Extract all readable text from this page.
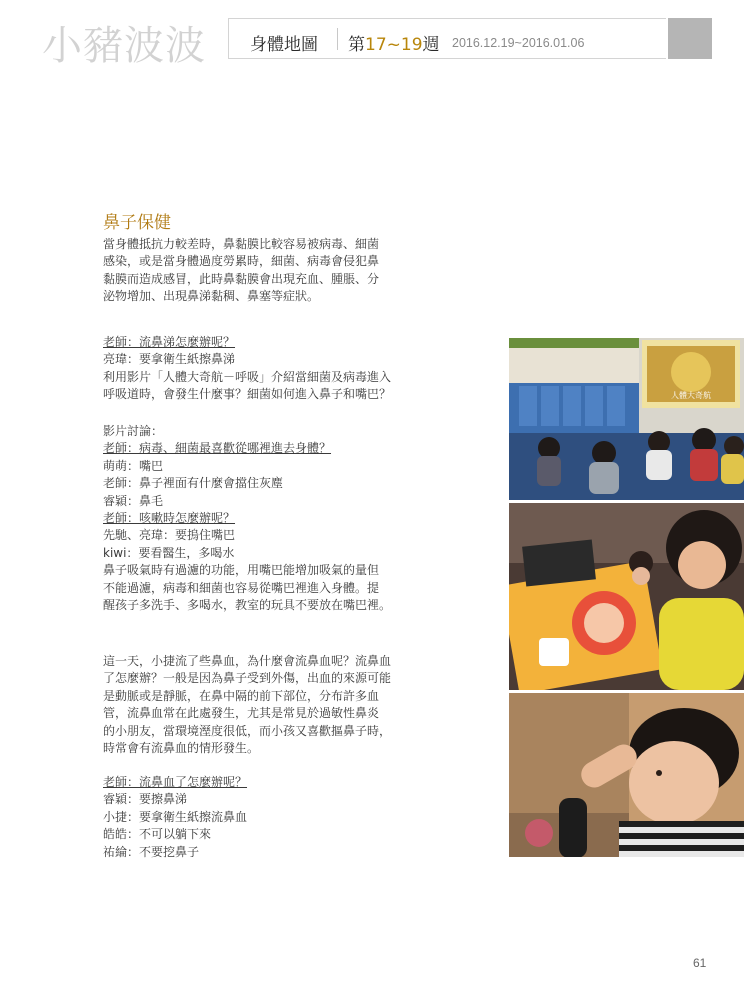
小豬波波	身體地圖 第17~19週 2016.12.19~2016.01.06
鼻子保健
當身體抵抗力較差時，鼻黏膜比較容易被病毒、細菌
感染，或是當身體過度勞累時，細菌、病毒會侵犯鼻
黏膜而造成感冒，此時鼻黏膜會出現充血、腫脹、分
泌物增加、出現鼻涕黏稠、鼻塞等症狀。
老師：流鼻涕怎麼辦呢？
亮瑋：要拿衛生紙擦鼻涕
利用影片「人體大奇航－呼吸」介紹當細菌及病毒進入
呼吸道時，會發生什麼事？細菌如何進入鼻子和嘴巴？
影片討論：
老師：病毒、細菌最喜歡從哪裡進去身體？
萌萌：嘴巴
老師：鼻子裡面有什麼會擋住灰塵
睿穎：鼻毛
老師：咳嗽時怎麼辦呢？
先馳、亮瑋：要摀住嘴巴
kiwi：要看醫生，多喝水
鼻子吸氣時有過濾的功能，用嘴巴能增加吸氣的量但
不能過濾，病毒和細菌也容易從嘴巴裡進入身體。提
醒孩子多洗手、多喝水，教室的玩具不要放在嘴巴裡。
這一天，小捷流了些鼻血，為什麼會流鼻血呢？流鼻血
了怎麼辦？一般是因為鼻子受到外傷，出血的來源可能
是動脈或是靜脈，在鼻中隔的前下部位，分布許多血
管，流鼻血常在此處發生，尤其是常見於過敏性鼻炎
的小朋友，當環境溼度很低，而小孩又喜歡摳鼻子時，
時常會有流鼻血的情形發生。
老師：流鼻血了怎麼辦呢？
睿穎：要擦鼻涕
小捷：要拿衛生紙擦流鼻血
皓皓：不可以躺下來
祐綸：不要挖鼻子
人體大奇航
61
